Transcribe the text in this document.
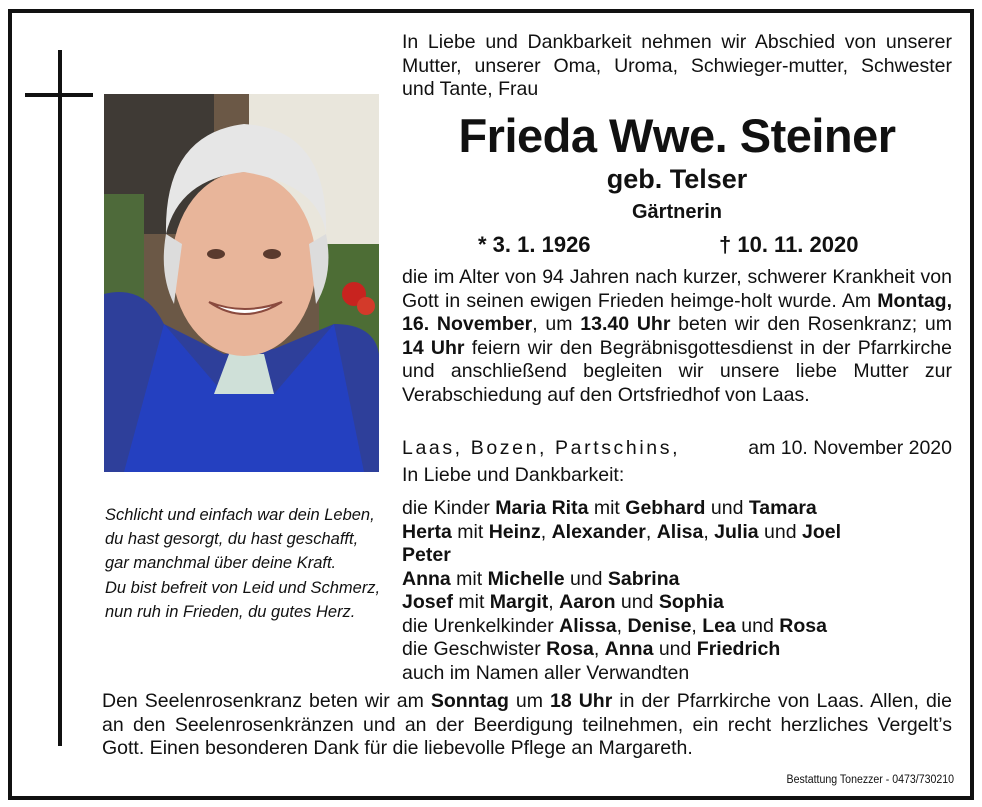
Schlicht und einfach war dein Leben,
du hast gesorgt, du hast geschafft,
gar manchmal über deine Kraft.
Du bist befreit von Leid und Schmerz,
nun ruh in Frieden, du gutes Herz.
In Liebe und Dankbarkeit nehmen wir Abschied von unserer Mutter, unserer Oma, Uroma, Schwieger-mutter, Schwester und Tante, Frau
Frieda Wwe. Steiner
geb. Telser
Gärtnerin
* 3. 1. 1926	† 10. 11. 2020
die im Alter von 94 Jahren nach kurzer, schwerer Krankheit von Gott in seinen ewigen Frieden heimge-holt wurde. Am Montag, 16. November, um 13.40 Uhr beten wir den Rosenkranz; um 14 Uhr feiern wir den Begräbnisgottesdienst in der Pfarrkirche und anschließend begleiten wir unsere liebe Mutter zur Verabschiedung auf den Ortsfriedhof von Laas.
Laas, Bozen, Partschins,	am 10. November 2020
In Liebe und Dankbarkeit:
die Kinder Maria Rita mit Gebhard und Tamara
Herta mit Heinz, Alexander, Alisa, Julia und Joel
Peter
Anna mit Michelle und Sabrina
Josef mit Margit, Aaron und Sophia
die Urenkelkinder Alissa, Denise, Lea und Rosa
die Geschwister Rosa, Anna und Friedrich
auch im Namen aller Verwandten
Den Seelenrosenkranz beten wir am Sonntag um 18 Uhr in der Pfarrkirche von Laas. Allen, die an den Seelenrosenkränzen und an der Beerdigung teilnehmen, ein recht herzliches Vergelt’s Gott. Einen besonderen Dank für die liebevolle Pflege an Margareth.
Bestattung Tonezzer - 0473/730210
